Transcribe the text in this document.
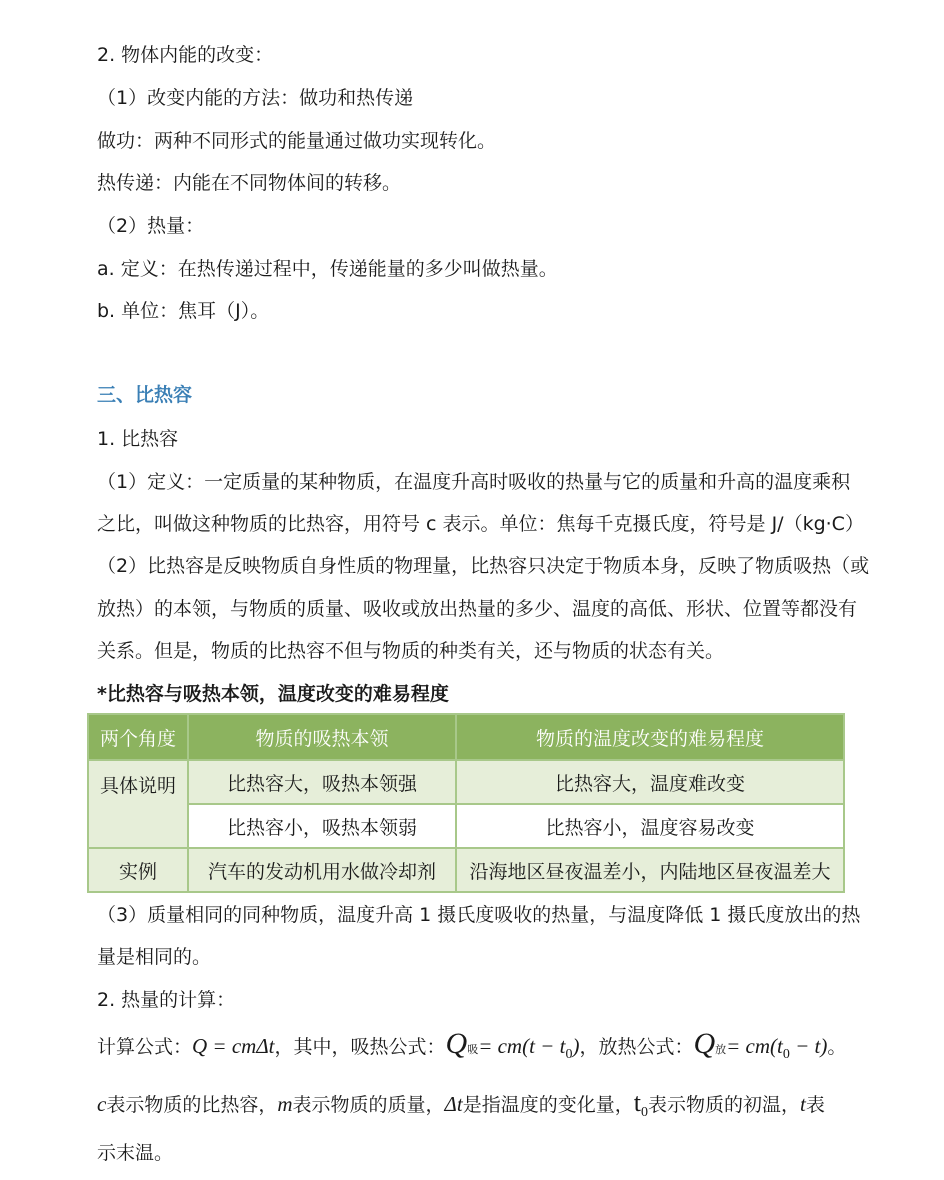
2. 物体内能的改变：
（1）改变内能的方法：做功和热传递
做功：两种不同形式的能量通过做功实现转化。
热传递：内能在不同物体间的转移。
（2）热量：
a. 定义：在热传递过程中，传递能量的多少叫做热量。
b. 单位：焦耳（J）。
三、比热容
1. 比热容
（1）定义：一定质量的某种物质，在温度升高时吸收的热量与它的质量和升高的温度乘积
之比，叫做这种物质的比热容，用符号 c 表示。单位：焦每千克摄氏度，符号是 J/（kg·C）
（2）比热容是反映物质自身性质的物理量，比热容只决定于物质本身，反映了物质吸热（或
放热）的本领，与物质的质量、吸收或放出热量的多少、温度的高低、形状、位置等都没有
关系。但是，物质的比热容不但与物质的种类有关，还与物质的状态有关。
*比热容与吸热本领，温度改变的难易程度
两个角度	物质的吸热本领	物质的温度改变的难易程度
具体说明	比热容大，吸热本领强	比热容大，温度难改变
	比热容小，吸热本领弱	比热容小，温度容易改变
实例	汽车的发动机用水做冷却剂	沿海地区昼夜温差小，内陆地区昼夜温差大
（3）质量相同的同种物质，温度升高 1 摄氏度吸收的热量，与温度降低 1 摄氏度放出的热
量是相同的。
2. 热量的计算：
计算公式：Q = cmΔt，其中，吸热公式：Q吸= $cm(t - t_0)$，放热公式：Q放= $cm(t_0 - t)$。
c表示物质的比热容，m表示物质的质量，Δt是指温度的变化量，$t_0$表示物质的初温，t表
示末温。
